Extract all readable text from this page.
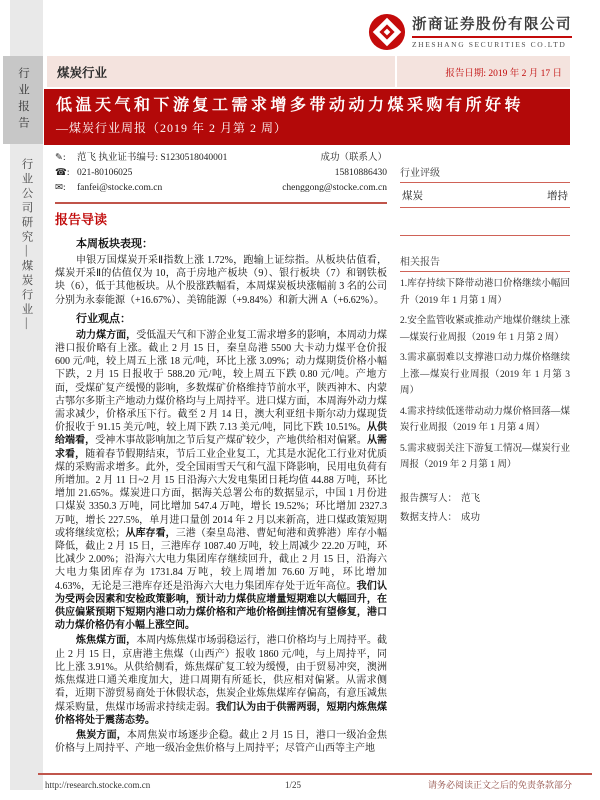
行业报告
行业公司研究—煤炭行业—
浙商证券股份有限公司
ZHESHANG SECURITIES CO.LTD
煤炭行业	报告日期: 2019 年 2 月 17 日
低温天气和下游复工需求增多带动动力煤采购有所好转
—煤炭行业周报（2019 年 2 月第 2 周）
✎:	范飞 执业证书编号: S1230518040001	成功（联系人）
☎: 021-80106025	15810886430
✉:	fanfei@stocke.com.cn	chenggong@stocke.com.cn
报告导读
本周板块表现：

申银万国煤炭开采Ⅱ指数上涨 1.72%，跑输上证综指。从板块估值看，煤炭开采Ⅱ的估值仅为 10，高于房地产板块（9）、银行板块（7）和钢铁板块（6），低于其他板块。从个股涨跌幅看，本周煤炭板块涨幅前 3 名的公司分别为永泰能源（+16.67%）、美锦能源（+9.84%）和新大洲 A（+6.62%）。

行业观点：

动力煤方面，受低温天气和下游企业复工需求增多的影响，本周动力煤港口报价略有上涨。截止 2 月 15 日，秦皇岛港 5500 大卡动力煤平仓价报 600 元/吨，较上周五上涨 18 元/吨，环比上涨 3.09%；动力煤期货价格小幅下跌，2 月 15 日报收于 588.20 元/吨，较上周五下跌 0.80 元/吨。产地方面，受煤矿复产缓慢的影响，多数煤矿价格维持节前水平，陕西神木、内蒙古鄂尔多斯主产地动力煤价格均与上周持平。进口煤方面，本周海外动力煤需求减少，价格承压下行。截至 2 月 14 日，澳大利亚纽卡斯尔动力煤现货价报收于 91.15 美元/吨，较上周下跌 7.13 美元/吨，同比下跌 10.51%。从供给端看，受神木事故影响加之节后复产煤矿较少，产地供给相对偏紧。从需求看，随着春节假期结束，节后工业企业复工，尤其是水泥化工行业对优质煤的采购需求增多。此外，受全国雨雪天气和气温下降影响，民用电负荷有所增加。2 月 11 日~2 月 15 日沿海六大发电集团日耗均值 44.88 万吨，环比增加 21.65%。煤炭进口方面，据海关总署公布的数据显示，中国 1 月份进口煤炭 3350.3 万吨，同比增加 547.4 万吨，增长 19.52%；环比增加 2327.3 万吨，增长 227.5%，单月进口量创 2014 年 2 月以来新高，进口煤政策短期或将继续宽松；从库存看，三港（秦皇岛港、曹妃甸港和黄骅港）库存小幅降低，截止 2 月 15 日，三港库存 1087.40 万吨，较上周减少 22.20 万吨，环比减少 2.00%；沿海六大电力集团库存继续回升，截止 2 月 15 日，沿海六大电力集团库存为 1731.84 万吨，较上周增加 76.60 万吨，环比增加 4.63%，无论是三港库存还是沿海六大电力集团库存处于近年高位。我们认为受两会因素和安检政策影响，预计动力煤供应增量短期难以大幅回升，在供应偏紧预期下短期内港口动力煤价格和产地价格倒挂情况有望修复，港口动力煤价格仍有小幅上涨空间。

炼焦煤方面，本周内炼焦煤市场弱稳运行，港口价格均与上周持平。截止 2 月 15 日，京唐港主焦煤（山西产）报收 1860 元/吨，与上周持平，同比上涨 3.91%。从供给侧看，炼焦煤矿复工较为缓慢，由于贸易冲突，澳洲炼焦煤进口通关难度加大，进口周期有所延长，供应相对偏紧。从需求侧看，近期下游贸易商处于休假状态，焦炭企业炼焦煤库存偏高，有意压减焦煤采购量，焦煤市场需求持续走弱。我们认为由于供需两弱，短期内炼焦煤价格将处于震荡态势。

焦炭方面，本周焦炭市场逐步企稳。截止 2 月 15 日，港口一级冶金焦价格与上周持平、产地一级冶金焦价格与上周持平；尽管产山西等主产地

行业评级
煤炭	增持
相关报告
1.库存持续下降带动港口价格继续小幅回升（2019 年 1 月第 1 周）
2.安全监管收紧或推动产地煤价继续上涨—煤炭行业周报（2019 年 1 月第 2 周）
3.需求羸弱难以支撑港口动力煤价格继续上涨—煤炭行业周报（2019 年 1 月第 3 周）
4.需求持续低迷带动动力煤价格回落—煤炭行业周报（2019 年 1 月第 4 周）
5.需求疲弱关注下游复工情况—煤炭行业周报（2019 年 2 月第 1 周）
报告撰写人： 范飞
数据支持人： 成功
http://research.stocke.com.cn	1/25	请务必阅读正文之后的免责条款部分
